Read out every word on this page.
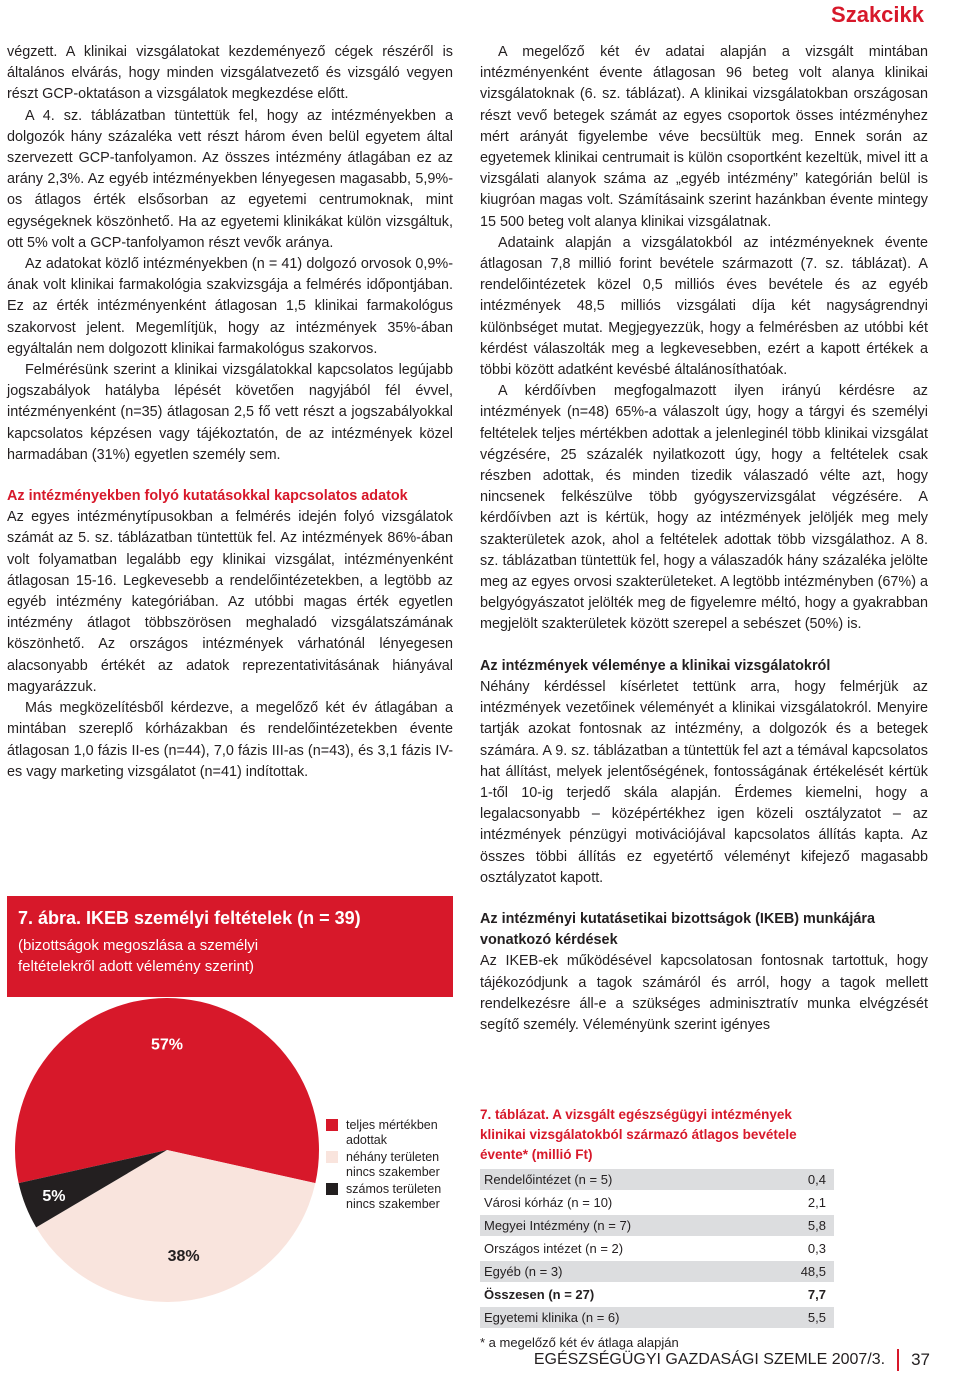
Szakcikk

végzett. A klinikai vizsgálatokat kezdeményező cégek részéről is általános elvárás, hogy minden vizsgálatvezető és vizsgáló vegyen részt GCP-oktatáson a vizsgálatok megkezdése előtt.

A 4. sz. táblázatban tüntettük fel, hogy az intézményekben a dolgozók hány százaléka vett részt három éven belül egyetem által szervezett GCP-tanfolyamon. Az összes intézmény átlagában ez az arány 2,3%. Az egyéb intézményekben lényegesen magasabb, 5,9%-os átlagos érték elsősorban az egyetemi centrumoknak, mint egységeknek köszönhető. Ha az egyetemi klinikákat külön vizsgáltuk, ott 5% volt a GCP-tanfolyamon részt vevők aránya.

Az adatokat közlő intézményekben (n = 41) dolgozó orvosok 0,9%-ának volt klinikai farmakológia szakvizsgája a felmérés időpontjában. Ez az érték intézményenként átlagosan 1,5 klinikai farmakológus szakorvost jelent. Megemlítjük, hogy az intézmények 35%-ában egyáltalán nem dolgozott klinikai farmakológus szakorvos.

Felmérésünk szerint a klinikai vizsgálatokkal kapcsolatos legújabb jogszabályok hatályba lépését követően nagyjából fél évvel, intézményenként (n=35) átlagosan 2,5 fő vett részt a jogszabályokkal kapcsolatos képzésen vagy tájékoztatón, de az intézmények közel harmadában (31%) egyetlen személy sem.

Az intézményekben folyó kutatásokkal kapcsolatos adatok

Az egyes intézménytípusokban a felmérés idején folyó vizsgálatok számát az 5. sz. táblázatban tüntettük fel. Az intézmények 86%-ában volt folyamatban legalább egy klinikai vizsgálat, intézményenként átlagosan 15-16. Legkevesebb a rendelőintézetekben, a legtöbb az egyéb intézmény kategóriában. Az utóbbi magas érték egyetlen intézmény átlagot többszörösen meghaladó vizsgálatszámának köszönhető. Az országos intézmények várhatónál lényegesen alacsonyabb értékét az adatok reprezentativitásának hiányával magyarázzuk.

Más megközelítésből kérdezve, a megelőző két év átlagában a mintában szereplő kórházakban és rendelőintézetekben évente átlagosan 1,0 fázis II-es (n=44), 7,0 fázis III-as (n=43), és 3,1 fázis IV-es vagy marketing vizsgálatot (n=41) indítottak.

A megelőző két év adatai alapján a vizsgált mintában intézményenként évente átlagosan 96 beteg volt alanya klinikai vizsgálatoknak (6. sz. táblázat). A klinikai vizsgálatokban országosan részt vevő betegek számát az egyes csoportok össes intézményhez mért arányát figyelembe véve becsültük meg. Ennek során az egyetemek klinikai centrumait is külön csoportként kezeltük, mivel itt a vizsgálati alanyok száma az „egyéb intézmény” kategórián belül is kiugróan magas volt. Számításaink szerint hazánkban évente mintegy 15 500 beteg volt alanya klinikai vizsgálatnak.

Adataink alapján a vizsgálatokból az intézményeknek évente átlagosan 7,8 millió forint bevétele származott (7. sz. táblázat). A rendelőintézetek közel 0,5 milliós éves bevétele és az egyéb intézmények 48,5 milliós vizsgálati díja két nagyságrendnyi különbséget mutat. Megjegyezzük, hogy a felmérésben az utóbbi két kérdést válaszolták meg a legkevesebben, ezért a kapott értékek a többi között adatként kevésbé általánosíthatóak.

A kérdőívben megfogalmazott ilyen irányú kérdésre az intézmények (n=48) 65%-a válaszolt úgy, hogy a tárgyi és személyi feltételek teljes mértékben adottak a jelenleginél több klinikai vizsgálat végzésére, 25 százalék nyilatkozott úgy, hogy a feltételek csak részben adottak, és minden tizedik válaszadó vélte azt, hogy nincsenek felkészülve több gyógyszervizsgálat végzésére. A kérdőívben azt is kértük, hogy az intézmények jelöljék meg mely szakterületek azok, ahol a feltételek adottak több vizsgálathoz. A 8. sz. táblázatban tüntettük fel, hogy a válaszadók hány százaléka jelölte meg az egyes orvosi szakterületeket. A legtöbb intézményben (67%) a belgyógyászatot jelölték meg de figyelemre méltó, hogy a gyakrabban megjelölt szakterületek között szerepel a sebészet (50%) is.

Az intézmények véleménye a klinikai vizsgálatokról

Néhány kérdéssel kísérletet tettünk arra, hogy felmérjük az intézmények vezetőinek véleményét a klinikai vizsgálatokról. Menyire tartják azokat fontosnak az intézmény, a dolgozók és a betegek számára. A 9. sz. táblázatban a tüntettük fel azt a témával kapcsolatos hat állítást, melyek jelentőségének, fontosságának értékelését kértük 1-től 10-ig terjedő skála alapján. Érdemes kiemelni, hogy a legalacsonyabb – középértékhez igen közeli osztályzatot – az intézmények pénzügyi motivációjával kapcsolatos állítás kapta. Az összes többi állítás ez egyetértő véleményt kifejező magasabb osztályzatot kapott.

Az intézményi kutatásetikai bizottságok (IKEB) munkájára vonatkozó kérdések

Az IKEB-ek működésével kapcsolatosan fontosnak tartottuk, hogy tájékozódjunk a tagok számáról és arról, hogy a tagok mellett rendelkezésre áll-e a szükséges adminisztratív munka elvégzését segítő személy. Véleményünk szerint igényes

7. ábra. IKEB személyi feltételek (n = 39)
(bizottságok megoszlása a személyi feltételekről adott vélemény szerint)
57%
38%
5%
teljes mértékben adottak
néhány területen nincs szakember
számos területen nincs szakember
7. táblázat. A vizsgált egészségügyi intézmények klinikai vizsgálatokból származó átlagos bevétele évente* (millió Ft)
Rendelőintézet (n = 5)	0,4
Városi kórház (n = 10)	2,1
Megyei Intézmény (n = 7)	5,8
Országos intézet (n = 2)	0,3
Egyéb (n = 3)	48,5
Összesen (n = 27)	7,7
Egyetemi klinika (n = 6)	5,5
* a megelőző két év átlaga alapján
EGÉSZSÉGÜGYI GAZDASÁGI SZEMLE 2007/3. 37
